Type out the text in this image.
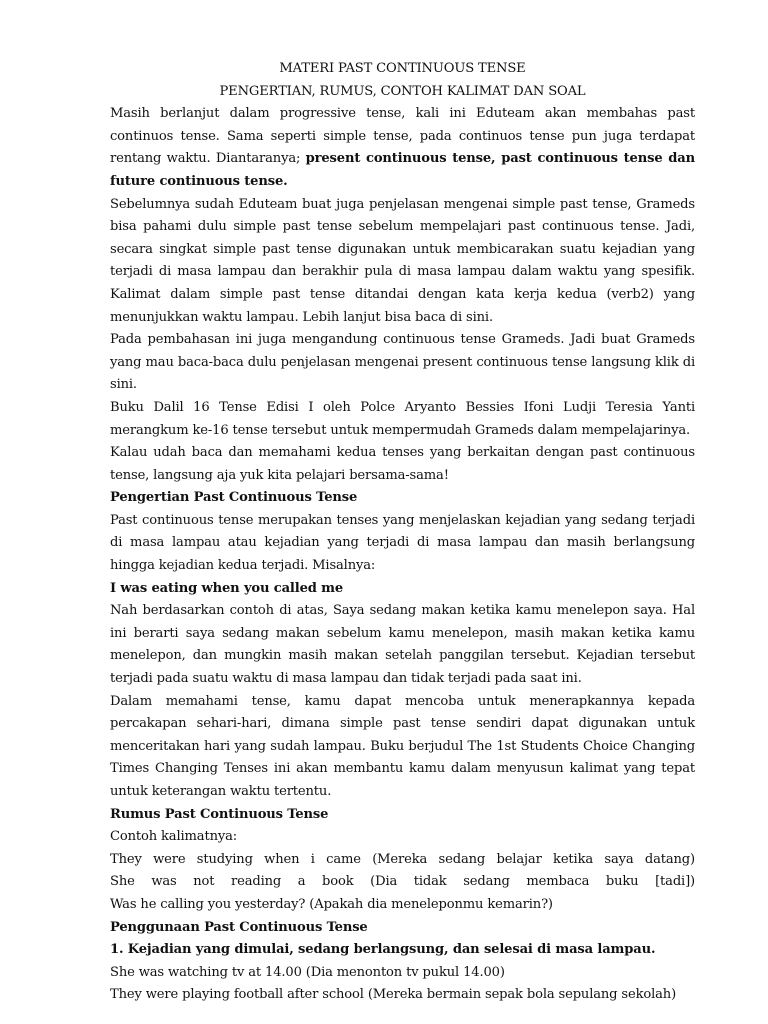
MATERI PAST CONTINUOUS TENSE

PENGERTIAN, RUMUS, CONTOH KALIMAT DAN SOAL

Masih berlanjut dalam progressive tense, kali ini Eduteam akan membahas past continuos tense. Sama seperti simple tense, pada continuos tense pun juga terdapat rentang waktu. Diantaranya; present continuous tense, past continuous tense dan future continuous tense.

Sebelumnya sudah Eduteam buat juga penjelasan mengenai simple past tense, Grameds bisa pahami dulu simple past tense sebelum mempelajari past continuous tense. Jadi, secara singkat simple past tense digunakan untuk membicarakan suatu kejadian yang terjadi di masa lampau dan berakhir pula di masa lampau dalam waktu yang spesifik. Kalimat dalam simple past tense ditandai dengan kata kerja kedua (verb2) yang menunjukkan waktu lampau. Lebih lanjut bisa baca di sini.

Pada pembahasan ini juga mengandung continuous tense Grameds. Jadi buat Grameds yang mau baca-baca dulu penjelasan mengenai present continuous tense langsung klik di sini.

Buku Dalil 16 Tense Edisi I oleh Polce Aryanto Bessies Ifoni Ludji Teresia Yanti merangkum ke-16 tense tersebut untuk mempermudah Grameds dalam mempelajarinya.

Kalau udah baca dan memahami kedua tenses yang berkaitan dengan past continuous tense, langsung aja yuk kita pelajari bersama-sama!

Pengertian Past Continuous Tense

Past continuous tense merupakan tenses yang menjelaskan kejadian yang sedang terjadi di masa lampau atau kejadian yang terjadi di masa lampau dan masih berlangsung hingga kejadian kedua terjadi. Misalnya:

I was eating when you called me

Nah berdasarkan contoh di atas, Saya sedang makan ketika kamu menelepon saya. Hal ini berarti saya sedang makan sebelum kamu menelepon, masih makan ketika kamu menelepon, dan mungkin masih makan setelah panggilan tersebut. Kejadian tersebut terjadi pada suatu waktu di masa lampau dan tidak terjadi pada saat ini.

Dalam memahami tense, kamu dapat mencoba untuk menerapkannya kepada percakapan sehari-hari, dimana simple past tense sendiri dapat digunakan untuk menceritakan hari yang sudah lampau. Buku berjudul The 1st Students Choice Changing Times Changing Tenses ini akan membantu kamu dalam menyusun kalimat yang tepat untuk keterangan waktu tertentu.

Rumus Past Continuous Tense

Contoh kalimatnya:

They were studying when i came (Mereka sedang belajar ketika saya datang)

She was not reading a book (Dia tidak sedang membaca buku [tadi])

Was he calling you yesterday? (Apakah dia meneleponmu kemarin?)

Penggunaan Past Continuous Tense

1. Kejadian yang dimulai, sedang berlangsung, dan selesai di masa lampau.

She was watching tv at 14.00 (Dia menonton tv pukul 14.00)

They were playing football after school (Mereka bermain sepak bola sepulang sekolah)
